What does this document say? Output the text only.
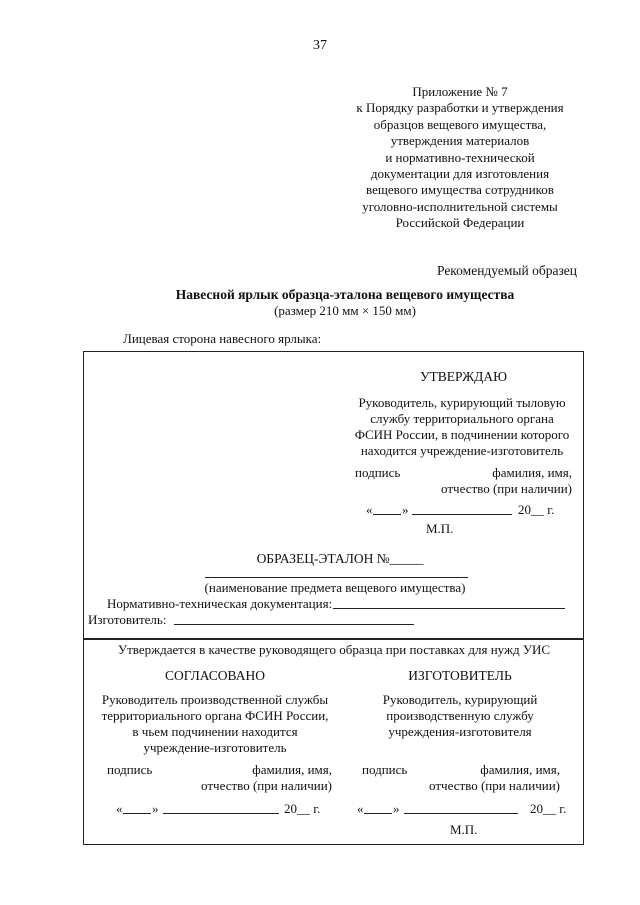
37
Приложение № 7
к Порядку разработки и утверждения
образцов вещевого имущества,
утверждения материалов
и нормативно-технической
документации для изготовления
вещевого имущества сотрудников
уголовно-исполнительной системы
Российской Федерации
Рекомендуемый образец
Навесной ярлык образца-эталона вещевого имущества
(размер 210 мм × 150 мм)
Лицевая сторона навесного ярлыка:
УТВЕРЖДАЮ
Руководитель, курирующий тыловую
службу территориального органа
ФСИН России, в подчинении которого
находится учреждение-изготовитель
подпись	фамилия, имя,
отчество (при наличии)
« »	20__ г.
М.П.
ОБРАЗЕЦ-ЭТАЛОН №_____
(наименование предмета вещевого имущества)
Нормативно-техническая документация:
Изготовитель:
Утверждается в качестве руководящего образца при поставках для нужд УИС
СОГЛАСОВАНО
Руководитель производственной службы
территориального органа ФСИН России,
в чьем подчинении находится
учреждение-изготовитель
подпись	фамилия, имя,
отчество (при наличии)
« »	20__ г.
ИЗГОТОВИТЕЛЬ
Руководитель, курирующий
производственную службу
учреждения-изготовителя
подпись	фамилия, имя,
отчество (при наличии)
« »	20__ г.
М.П.
